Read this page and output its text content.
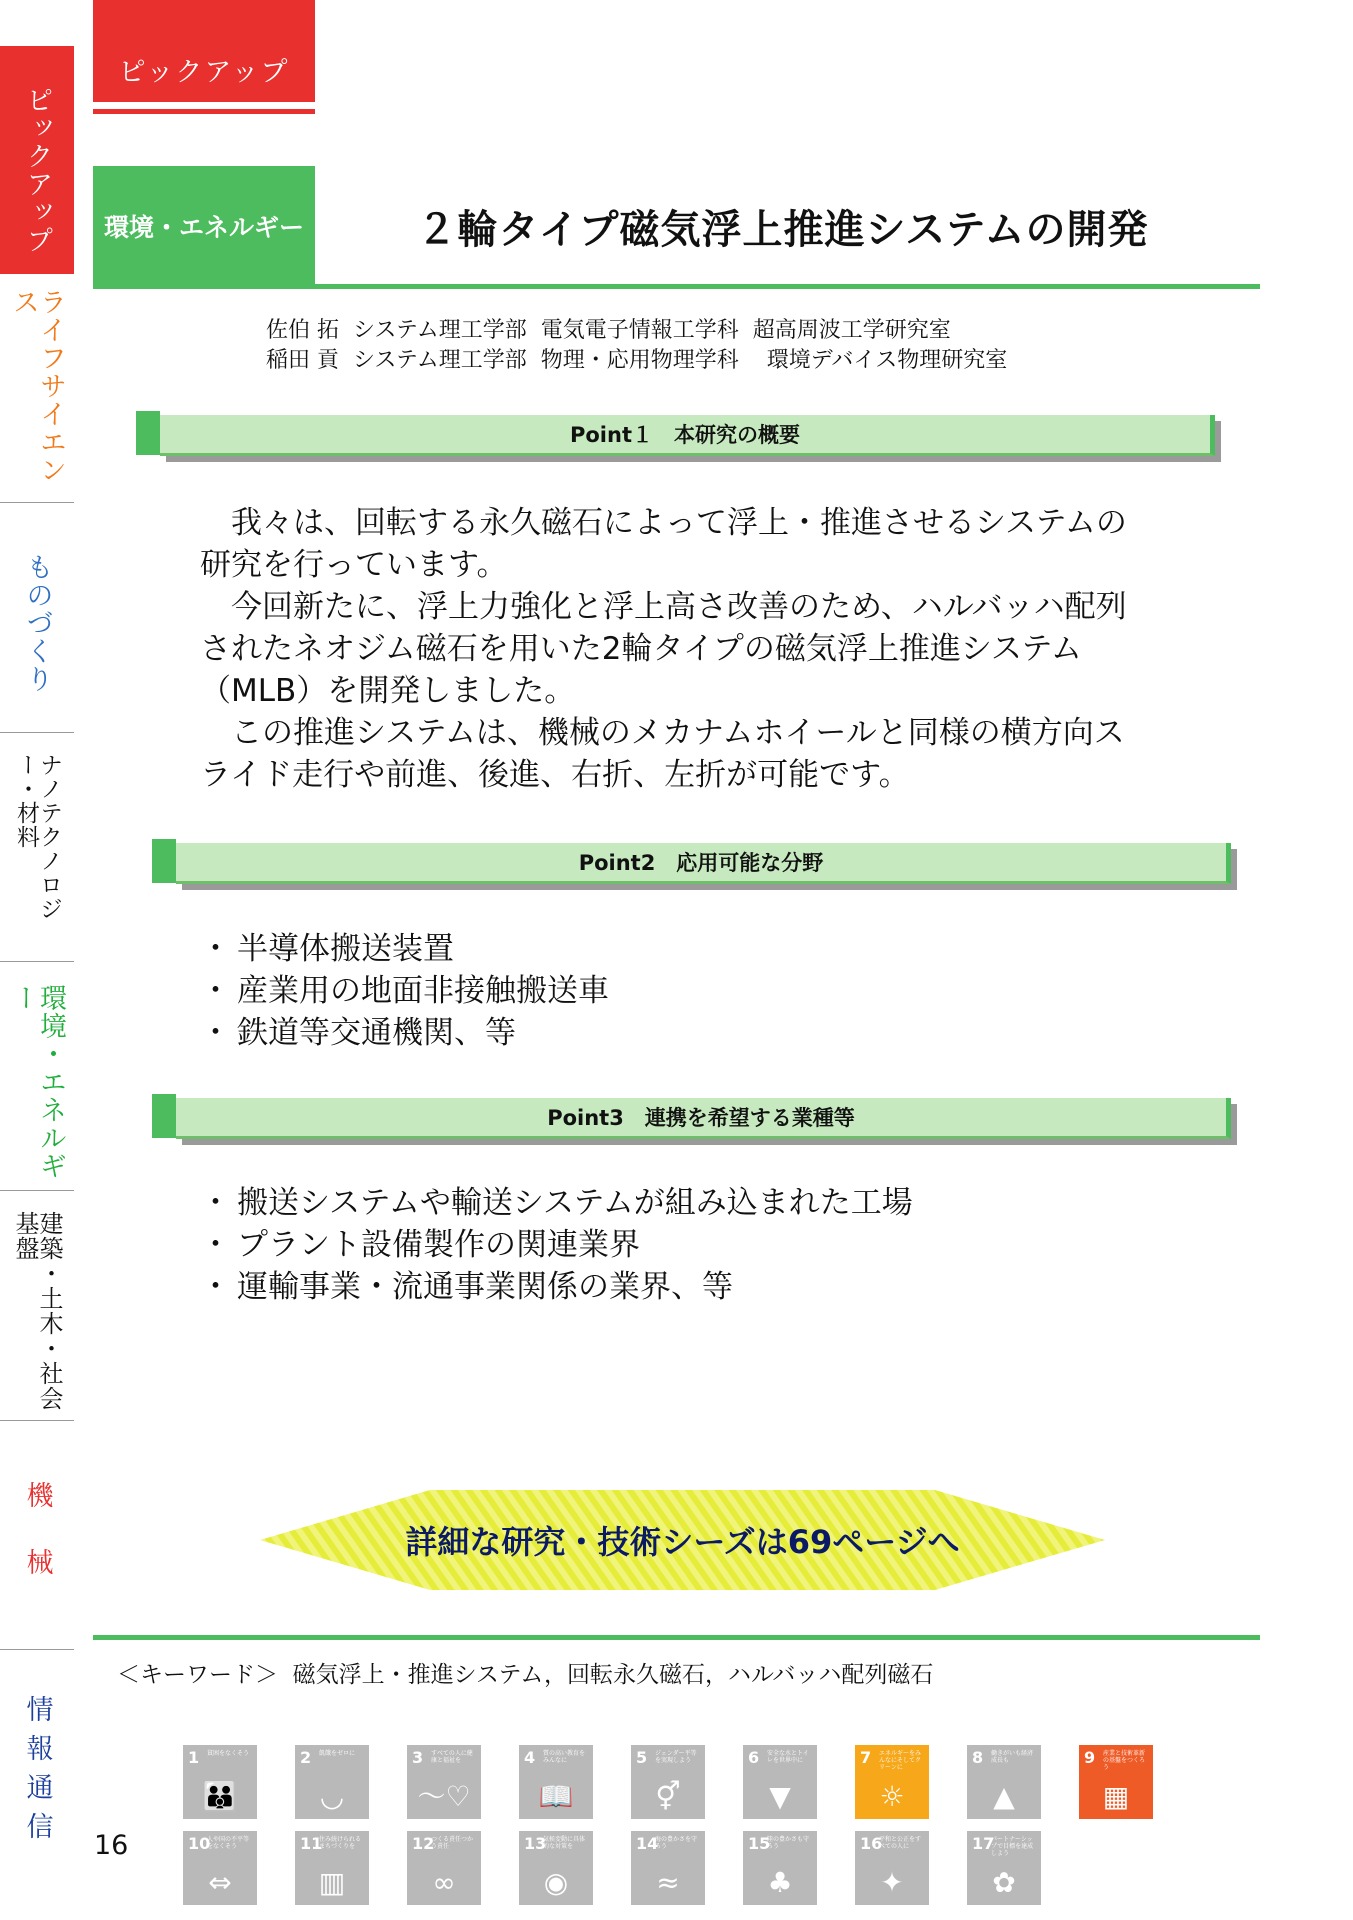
ピックアップ
ライフサイエンス
ものづくり
ナノテクノロジー・材料
環境・エネルギー
建築・土木・社会基盤
機械
情報通信
ピックアップ
環境・エネルギー	２輪タイプ磁気浮上推進システムの開発
佐伯 拓  システム理工学部  電気電子情報工学科  超高周波工学研究室
稲田 貢  システム理工学部  物理・応用物理学科    環境デバイス物理研究室
Point１　本研究の概要

我々は、回転する永久磁石によって浮上・推進させるシステムの研究を行っています。

今回新たに、浮上力強化と浮上高さ改善のため、ハルバッハ配列されたネオジム磁石を用いた2輪タイプの磁気浮上推進システム（MLB）を開発しました。

この推進システムは、機械のメカナムホイールと同様の横方向スライド走行や前進、後進、右折、左折が可能です。

Point2　応用可能な分野
・ 半導体搬送装置
・ 産業用の地面非接触搬送車
・ 鉄道等交通機関、等
Point3　連携を希望する業種等
・ 搬送システムや輸送システムが組み込まれた工場
・ プラント設備製作の関連業界
・ 運輸事業・流通事業関係の業界、等
詳細な研究・技術シーズは69ページへ
＜キーワード＞  磁気浮上・推進システム，回転永久磁石，ハルバッハ配列磁石
1 貧困をなくそう
👪
2 飢餓をゼロに
◡
3 すべての人に健康と福祉を
〜♡
4 質の高い教育をみんなに
📖
5 ジェンダー平等を実現しよう
⚥
6 安全な水とトイレを世界中に
▼
7 エネルギーをみんなにそしてクリーンに
☼
8 働きがいも経済成長も
▲
9 産業と技術革新の基盤をつくろう
▦
10
人や国の不平等をなくそう
⇔
11
住み続けられるまちづくりを
▥
12
つくる責任つかう責任
∞
13
気候変動に具体的な対策を
◉
14
海の豊かさを守ろう
≈
15
陸の豊かさも守ろう
♣
16
平和と公正をすべての人に
✦
17
パートナーシップで目標を達成しよう
✿
16
